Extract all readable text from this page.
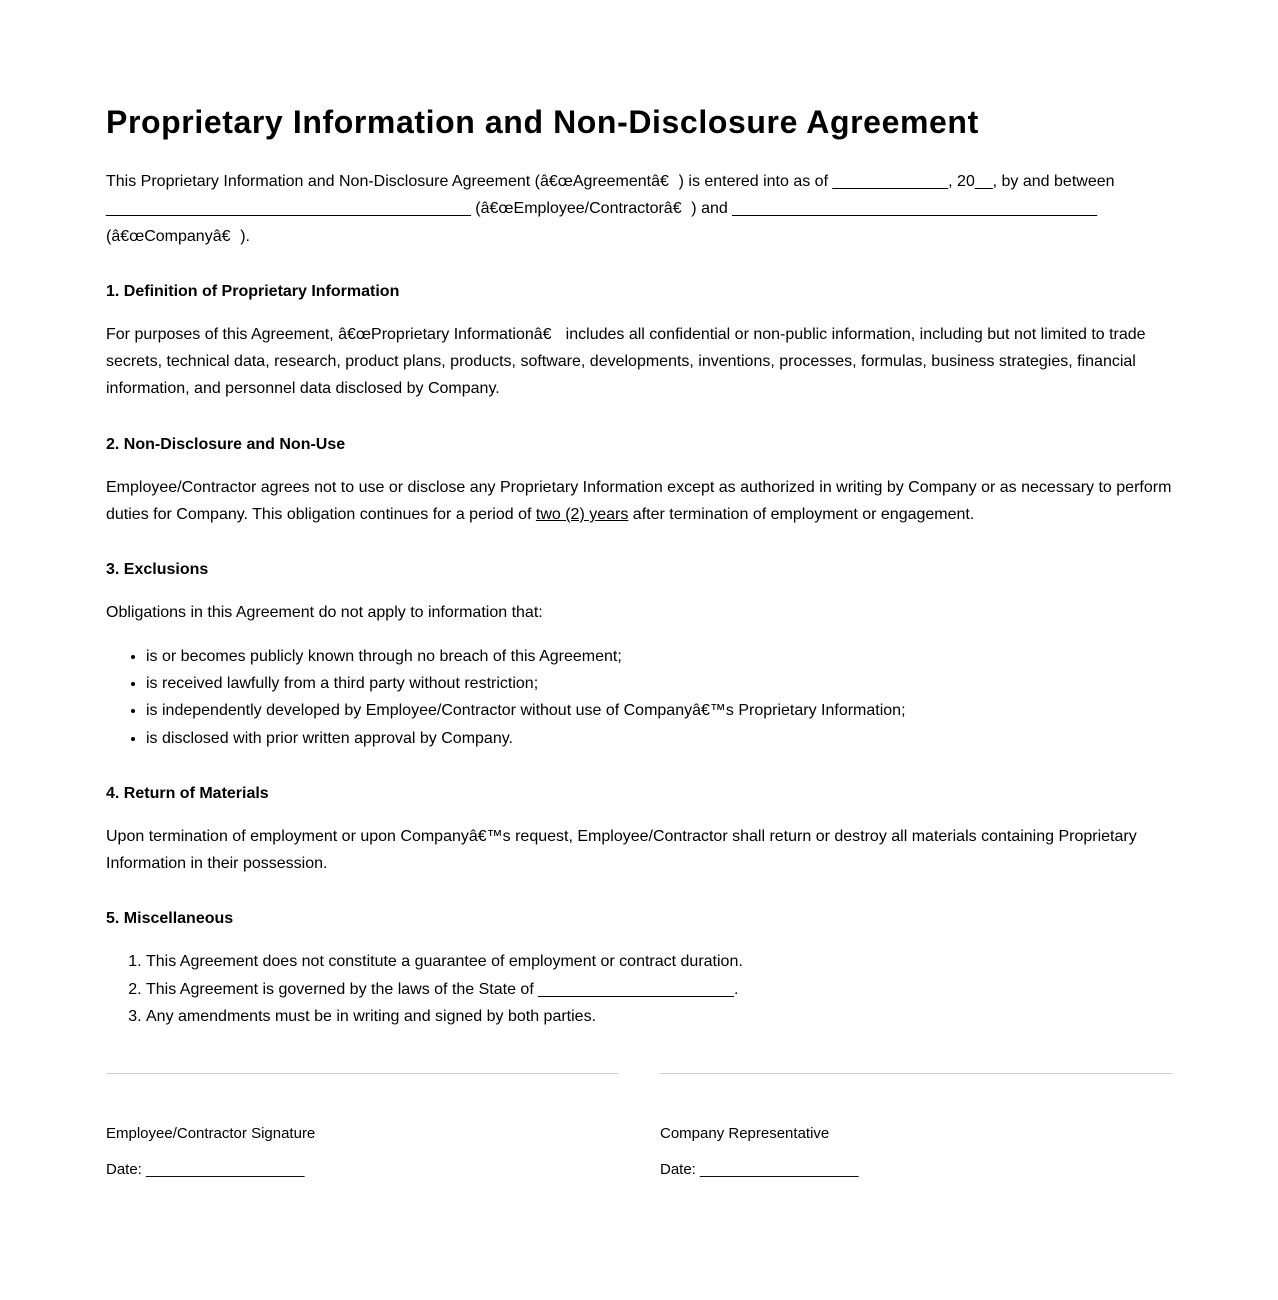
Proprietary Information and Non-Disclosure Agreement

This Proprietary Information and Non-Disclosure Agreement (â€œAgreementâ€) is entered into as of _____________, 20__, by and between _________________________________________ (â€œEmployee/Contractorâ€) and _________________________________________ (â€œCompanyâ€).

1. Definition of Proprietary Information

For purposes of this Agreement, â€œProprietary Informationâ€ includes all confidential or non-public information, including but not limited to trade secrets, technical data, research, product plans, products, software, developments, inventions, processes, formulas, business strategies, financial information, and personnel data disclosed by Company.

2. Non-Disclosure and Non-Use

Employee/Contractor agrees not to use or disclose any Proprietary Information except as authorized in writing by Company or as necessary to perform duties for Company. This obligation continues for a period of two (2) years after termination of employment or engagement.

3. Exclusions

Obligations in this Agreement do not apply to information that:

• is or becomes publicly known through no breach of this Agreement;
• is received lawfully from a third party without restriction;
• is independently developed by Employee/Contractor without use of Companyâ€™s Proprietary Information;
• is disclosed with prior written approval by Company.
4. Return of Materials

Upon termination of employment or upon Companyâ€™s request, Employee/Contractor shall return or destroy all materials containing Proprietary Information in their possession.

5. Miscellaneous
1. This Agreement does not constitute a guarantee of employment or contract duration.
2. This Agreement is governed by the laws of the State of ______________________.
3. Any amendments must be in writing and signed by both parties.
Employee/Contractor Signature
Date: ___________________
Company Representative
Date: ___________________
